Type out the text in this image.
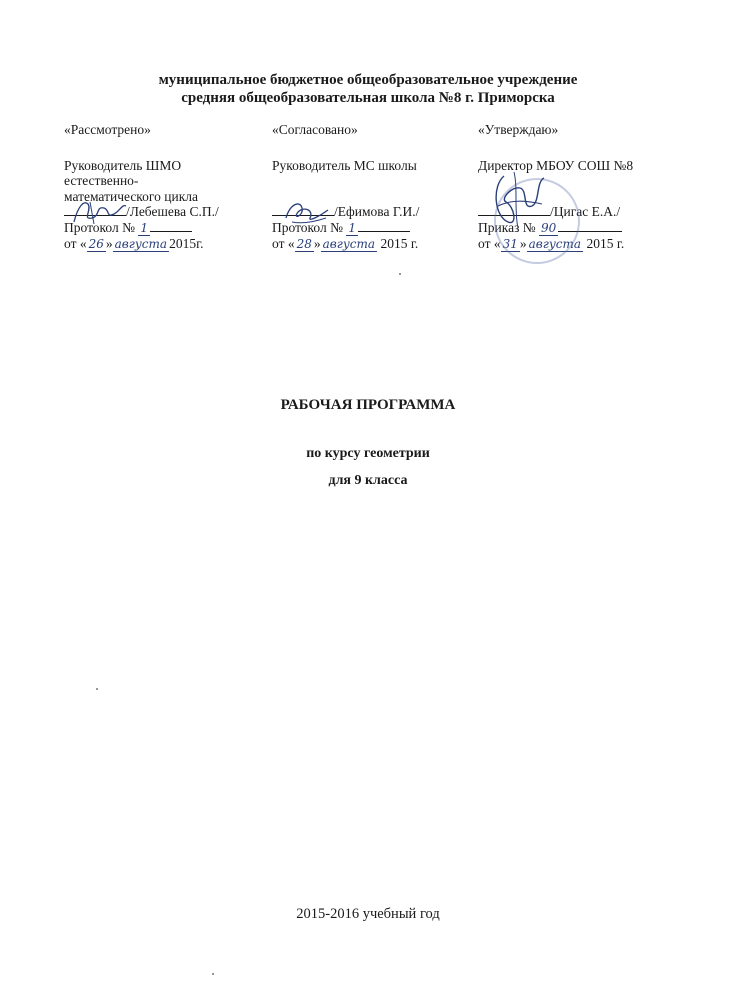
муниципальное бюджетное общеобразовательное учреждение
средняя общеобразовательная школа №8 г. Приморска
«Рассмотрено»
Руководитель ШМО
естественно-
математического цикла
/Лебешева С.П./
Протокол № 1
от « 26 » августа 2015г.
«Согласовано»
Руководитель МС школы
/Ефимова Г.И./
Протокол № 1
от « 28 » августа 2015 г.
«Утверждаю»
Директор МБОУ СОШ №8
/Цигас Е.А./
Приказ № 90
от « 31 » августа 2015 г.
РАБОЧАЯ ПРОГРАММА
по курсу геометрии
для 9 класса
2015-2016 учебный год
